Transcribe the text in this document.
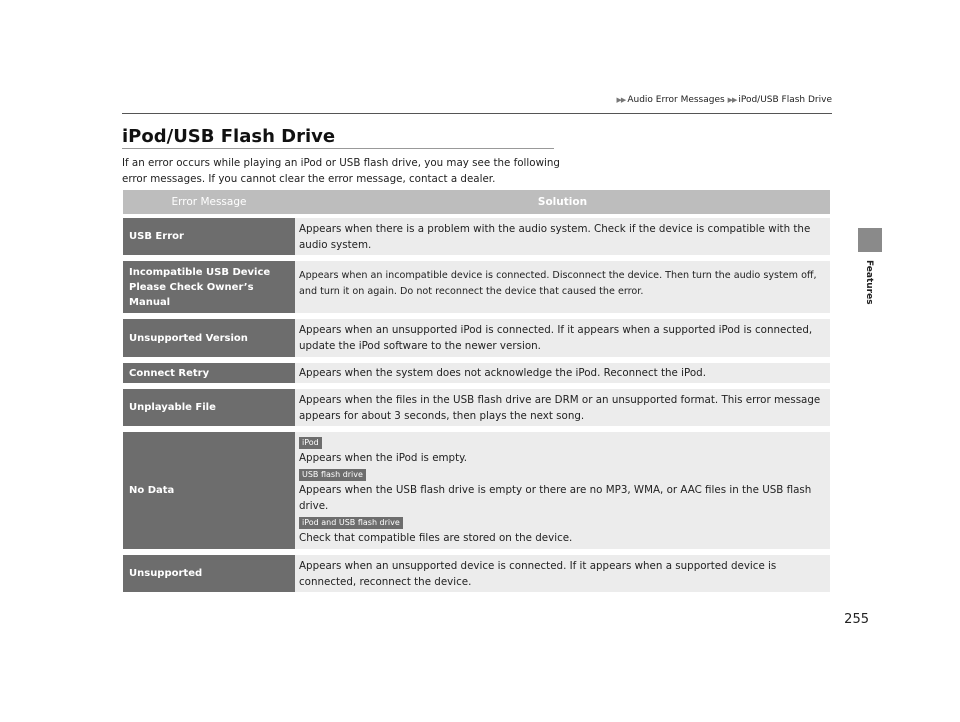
▶▶ Audio Error Messages ▶▶ iPod/USB Flash Drive
Features
iPod/USB Flash Drive
If an error occurs while playing an iPod or USB flash drive, you may see the following error messages. If you cannot clear the error message, contact a dealer.
Error Message	Solution
USB Error
Appears when there is a problem with the audio system. Check if the device is compatible with the audio system.
Incompatible USB Device Please Check Owner’s Manual
Appears when an incompatible device is connected. Disconnect the device. Then turn the audio system off, and turn it on again. Do not reconnect the device that caused the error.
Unsupported Version
Appears when an unsupported iPod is connected. If it appears when a supported iPod is connected, update the iPod software to the newer version.
Connect Retry	Appears when the system does not acknowledge the iPod. Reconnect the iPod.
Unplayable File
Appears when the files in the USB flash drive are DRM or an unsupported format. This error message appears for about 3 seconds, then plays the next song.
No Data
iPod
Appears when the iPod is empty.
USB flash drive
Appears when the USB flash drive is empty or there are no MP3, WMA, or AAC files in the USB flash drive.
iPod and USB flash drive
Check that compatible files are stored on the device.
Unsupported
Appears when an unsupported device is connected. If it appears when a supported device is connected, reconnect the device.
255
